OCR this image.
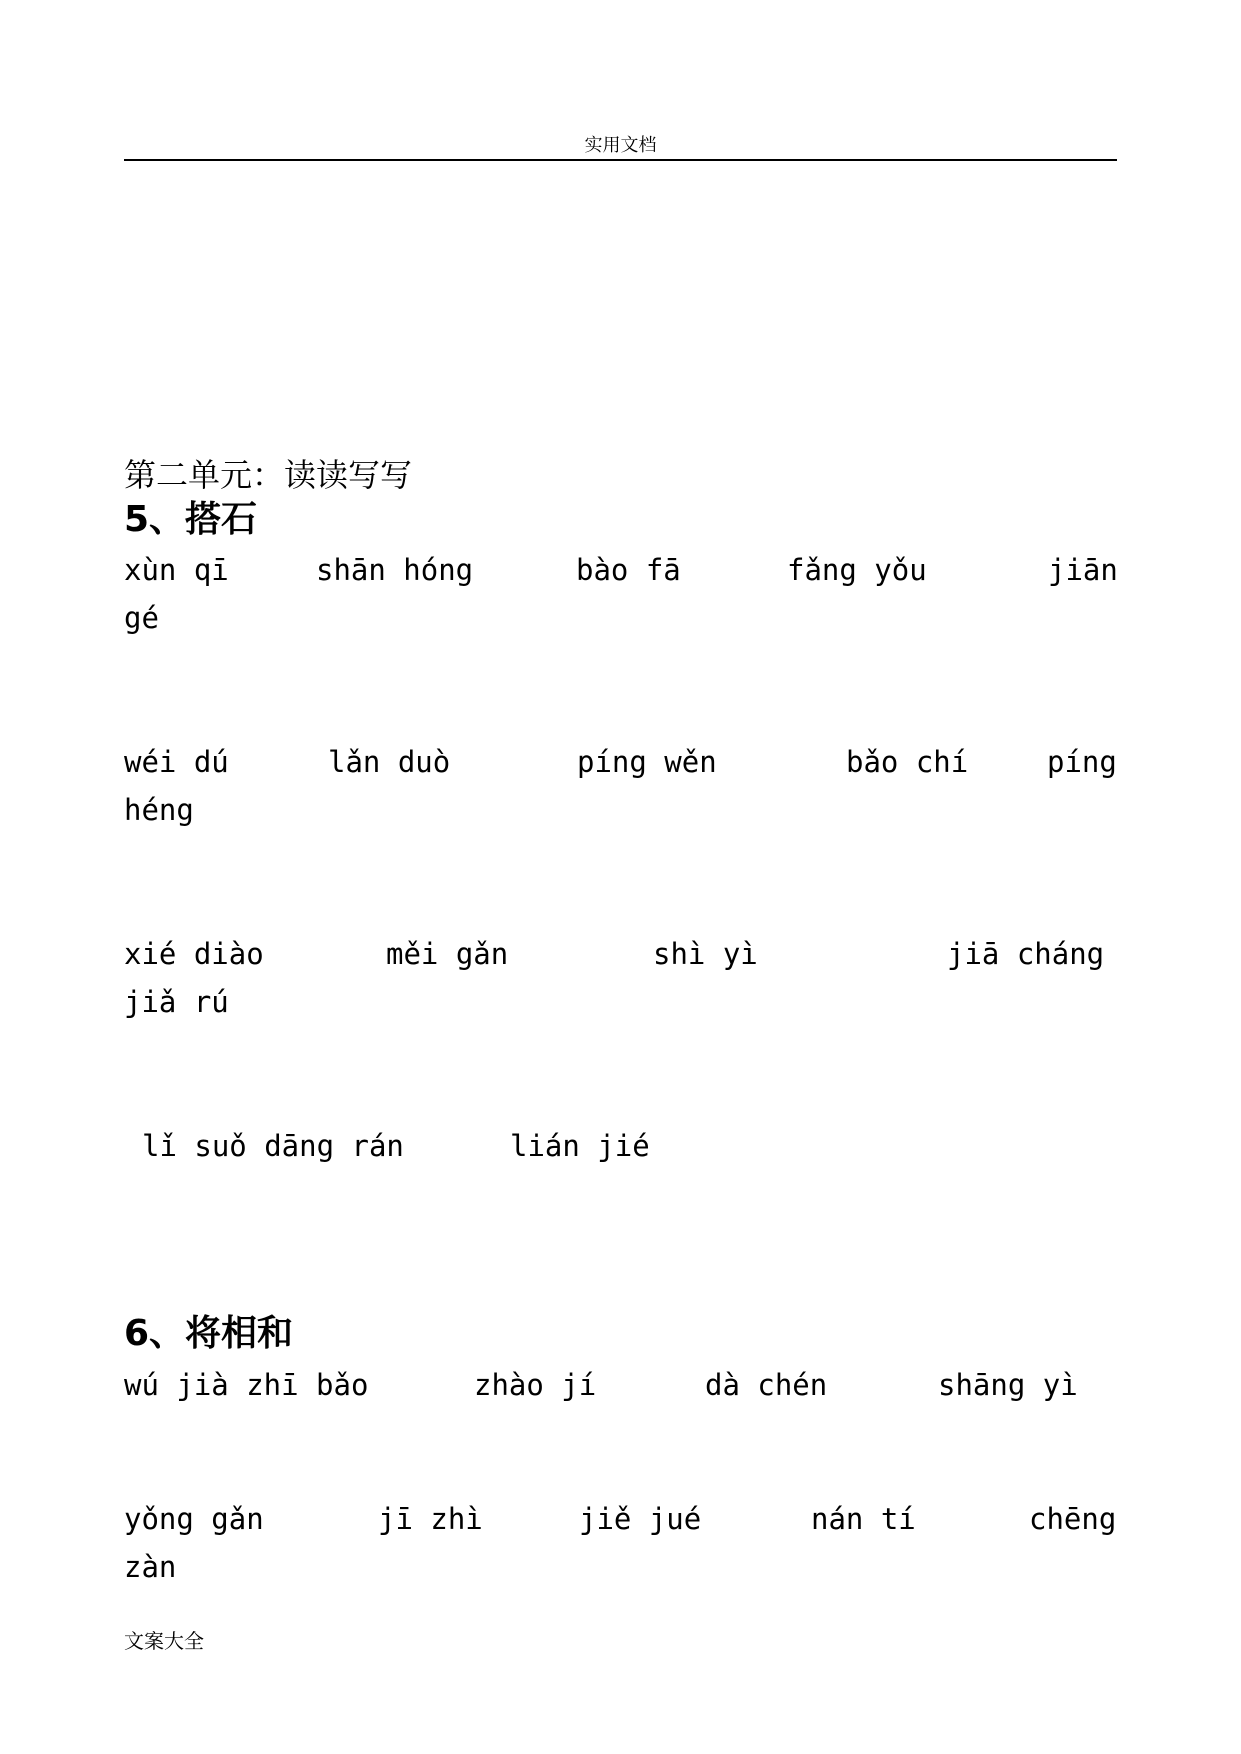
实用文档
第二单元：读读写写
5、搭石
xùn qī	shān hóng	bào fā	fǎng yǒu	jiān
gé
wéi dú	lǎn duò	píng wěn	bǎo chí	píng
héng
xié diào	měi gǎn	shì yì	jiā cháng
jiǎ rú
lǐ suǒ dāng rán	lián jié
6、将相和
wú jià zhī bǎo	zhào jí	dà chén	shāng yì
yǒng gǎn	jī zhì	jiě jué	nán tí	chēng
zàn
文案大全
